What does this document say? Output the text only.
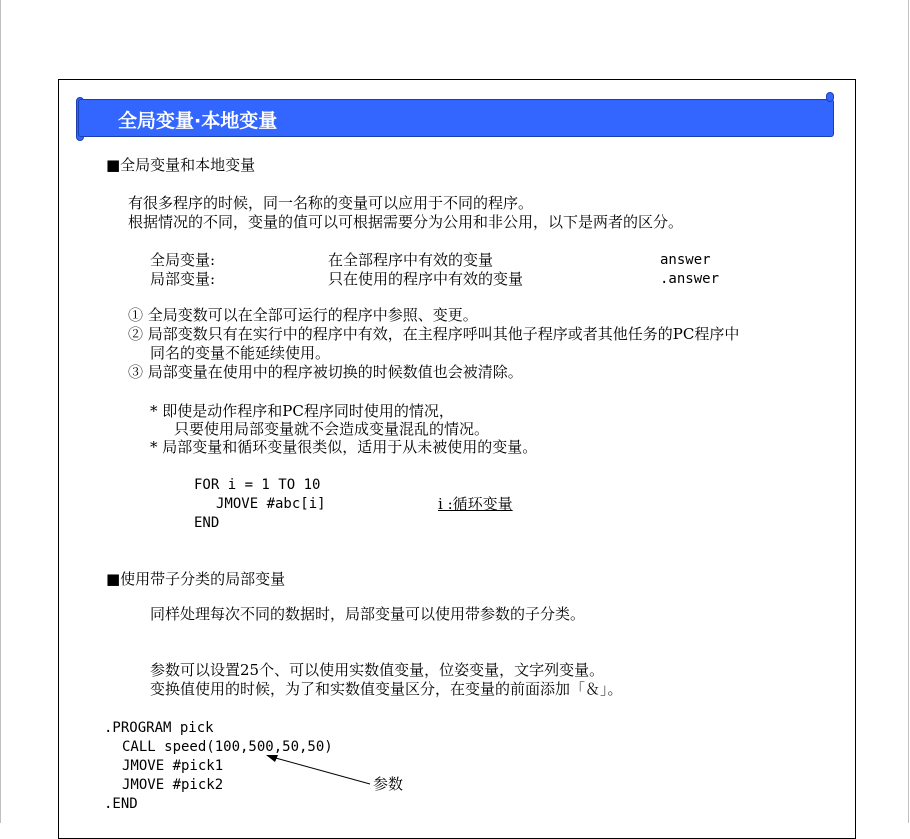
全局变量·本地变量
■全局变量和本地变量
有很多程序的时候，同一名称的变量可以应用于不同的程序。
根据情况的不同，变量的值可以可根据需要分为公用和非公用，以下是两者的区分。
全局变量:	在全部程序中有效的变量	answer
局部变量:	只在使用的程序中有效的变量	.answer
① 全局变数可以在全部可运行的程序中参照、变更。
② 局部变数只有在实行中的程序中有效，在主程序呼叫其他子程序或者其他任务的PC程序中
同名的变量不能延续使用。
③ 局部变量在使用中的程序被切换的时候数值也会被清除。
* 即使是动作程序和PC程序同时使用的情况，
只要使用局部变量就不会造成变量混乱的情况。
* 局部变量和循环变量很类似，适用于从未被使用的变量。
FOR i = 1 TO 10
JMOVE #abc[i]	i :循环变量
END
■使用带子分类的局部变量
同样处理每次不同的数据时，局部变量可以使用带参数的子分类。
参数可以设置25个、可以使用实数值变量，位姿变量，文字列变量。
变换值使用的时候，为了和实数值变量区分，在变量的前面添加「＆」。
.PROGRAM pick
CALL speed(100,500,50,50)
JMOVE #pick1
JMOVE #pick2
.END
参数
